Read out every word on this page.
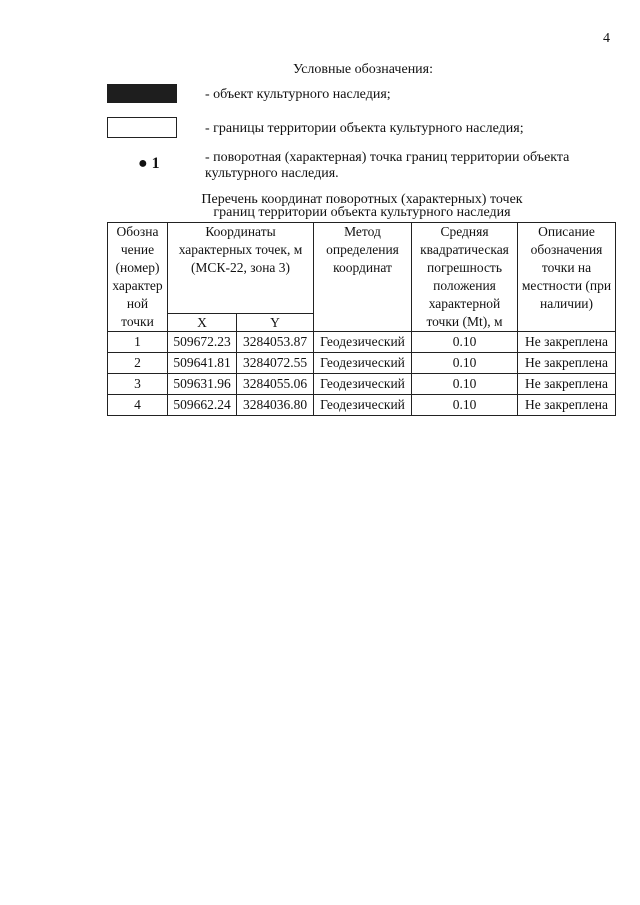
4
Условные обозначения:
- объект культурного наследия;
- границы территории объекта культурного наследия;
● 1	- поворотная (характерная) точка границ территории объекта культурного наследия.
Перечень координат поворотных (характерных) точек
границ территории объекта культурного наследия
Обозна чение (номер) характер ной точки	Координаты характерных точек, м (МСК-22, зона 3)		Метод определения координат	Средняя квадратическая погрешность положения характерной точки (Mt), м	Описание обозначения точки на местности (при наличии)
	X	Y			
1	509672.23	3284053.87	Геодезический	0.10	Не закреплена
2	509641.81	3284072.55	Геодезический	0.10	Не закреплена
3	509631.96	3284055.06	Геодезический	0.10	Не закреплена
4	509662.24	3284036.80	Геодезический	0.10	Не закреплена
